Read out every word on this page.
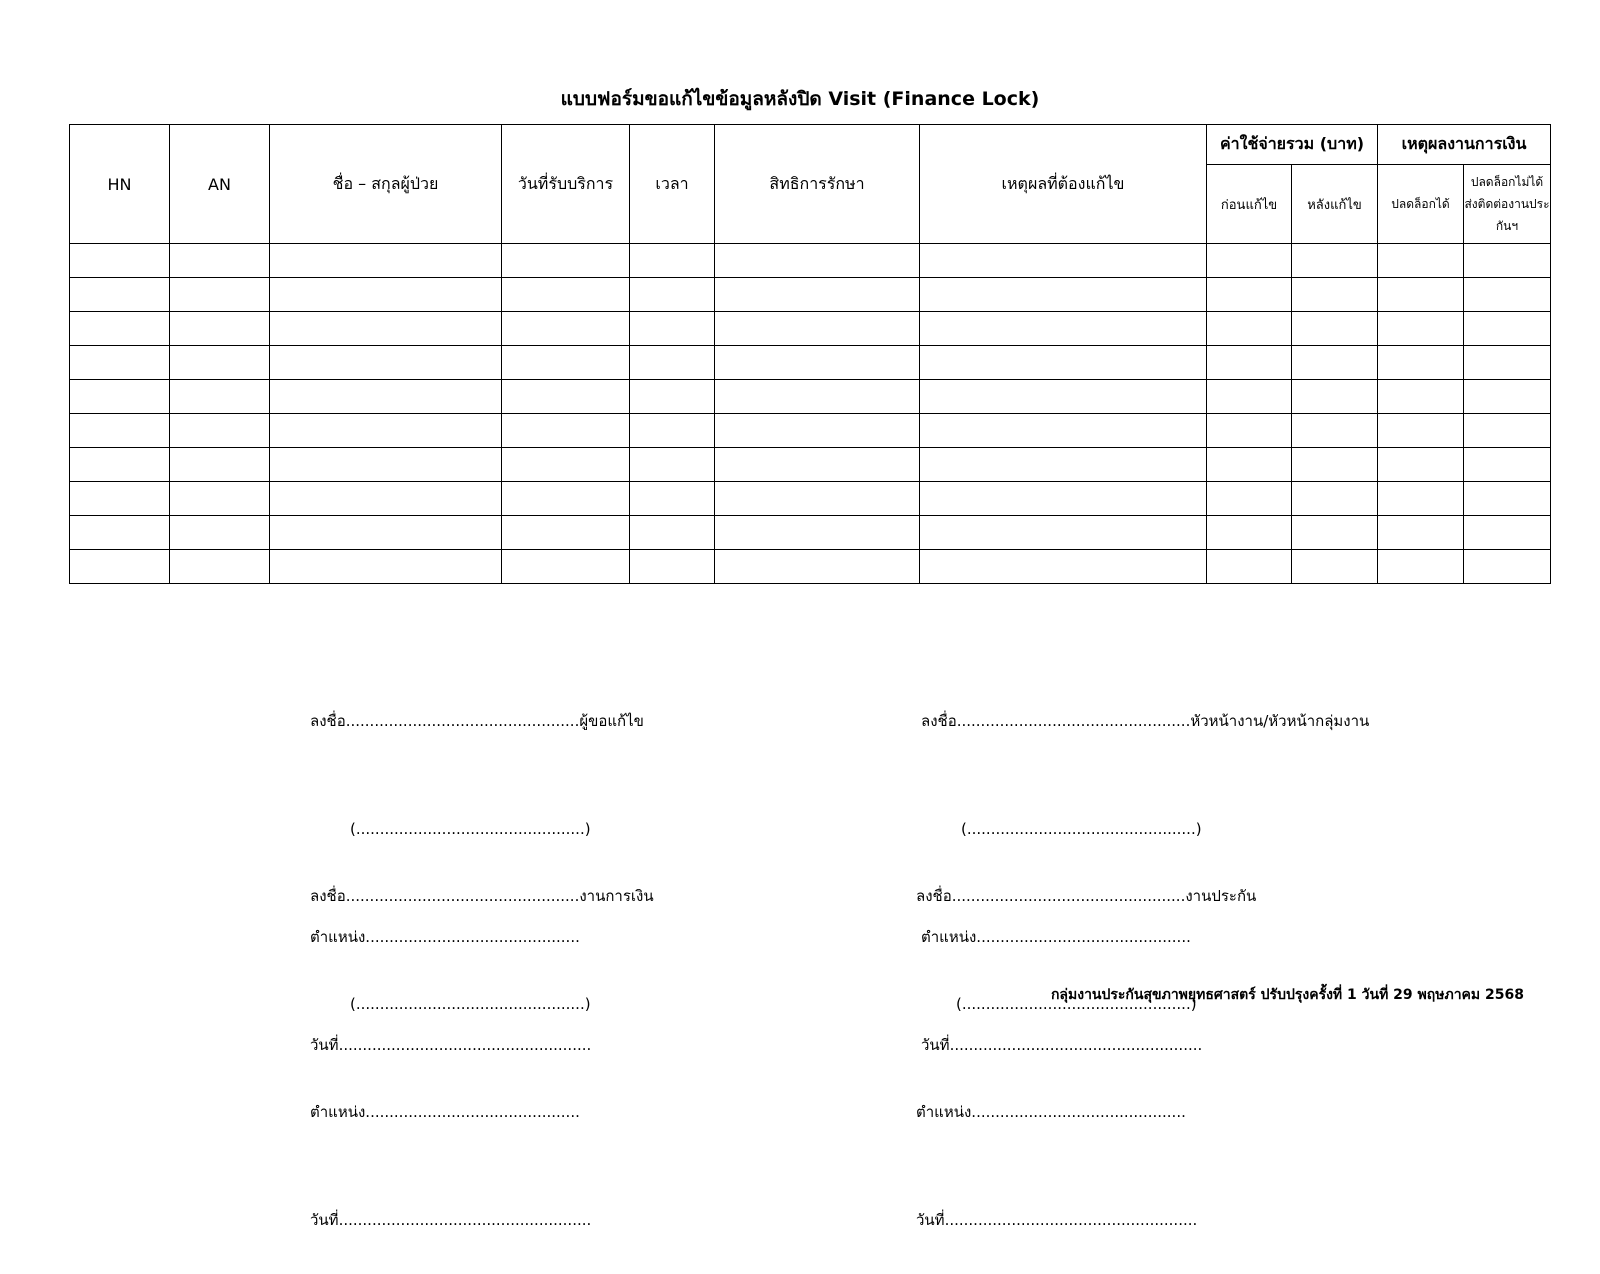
แบบฟอร์มขอแก้ไขข้อมูลหลังปิด Visit (Finance Lock)
HN	AN	ชื่อ – สกุลผู้ป่วย	วันที่รับบริการ	เวลา	สิทธิการรักษา	เหตุผลที่ต้องแก้ไข	ค่าใช้จ่ายรวม (บาท)		เหตุผลงานการเงิน	
							ก่อนแก้ไข	หลังแก้ไข	ปลดล็อกได้	ปลดล็อกไม่ได้ ส่งติดต่องานประกันฯ

ลงชื่อ.................................................ผู้ขอแก้ไข

(................................................)

ตำแหน่ง.............................................

วันที่.....................................................

ลงชื่อ.................................................หัวหน้างาน/หัวหน้ากลุ่มงาน

(................................................)

ตำแหน่ง.............................................

วันที่.....................................................

ลงชื่อ.................................................งานการเงิน

(................................................)

ตำแหน่ง.............................................

วันที่.....................................................

ลงชื่อ.................................................งานประกัน

(................................................)

ตำแหน่ง.............................................

วันที่.....................................................

กลุ่มงานประกันสุขภาพยุทธศาสตร์ ปรับปรุงครั้งที่ 1 วันที่ 29 พฤษภาคม 2568
